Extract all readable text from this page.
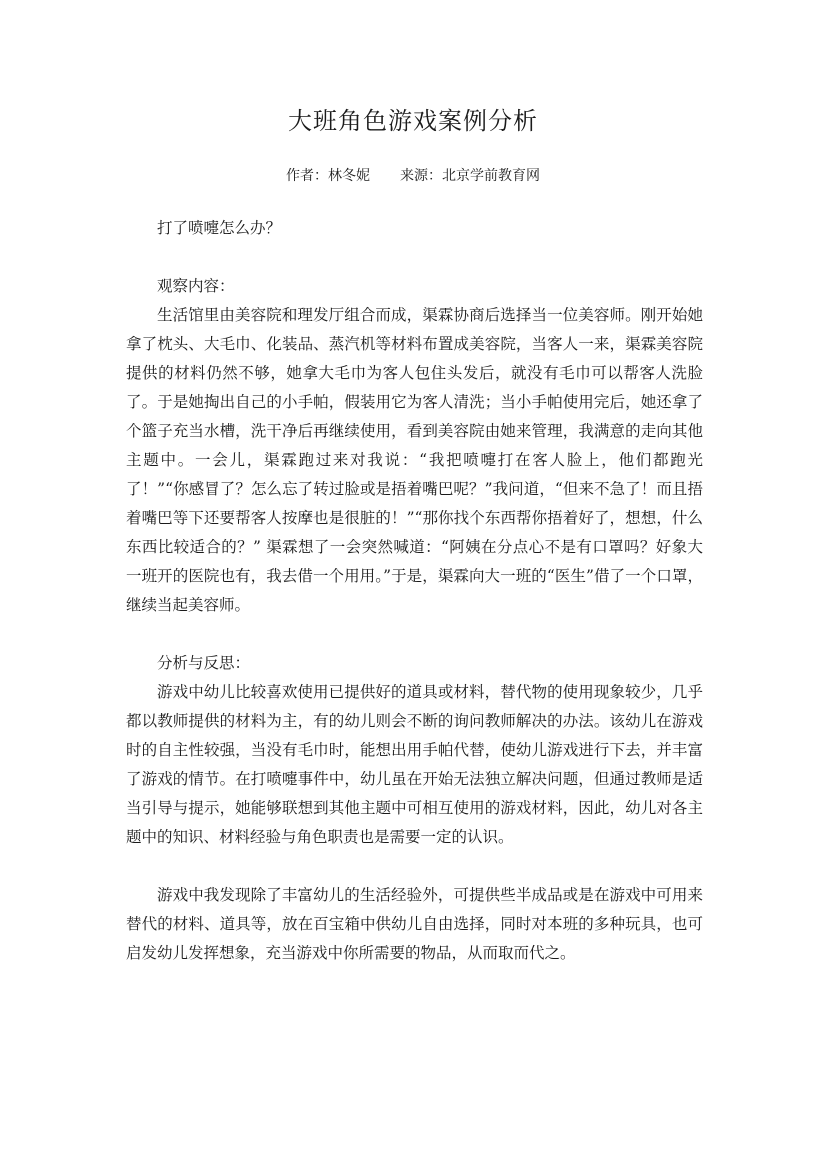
大班角色游戏案例分析
作者：林冬妮 来源：北京学前教育网

打了喷嚏怎么办？

观察内容：

生活馆里由美容院和理发厅组合而成，渠霖协商后选择当一位美容师。刚开始她拿了枕头、大毛巾、化装品、蒸汽机等材料布置成美容院，当客人一来，渠霖美容院提供的材料仍然不够，她拿大毛巾为客人包住头发后，就没有毛巾可以帮客人洗脸了。于是她掏出自己的小手帕，假装用它为客人清洗；当小手帕使用完后，她还拿了个篮子充当水槽，洗干净后再继续使用，看到美容院由她来管理，我满意的走向其他主题中。一会儿，渠霖跑过来对我说：“我把喷嚏打在客人脸上，他们都跑光了！”“你感冒了？怎么忘了转过脸或是捂着嘴巴呢？”我问道，“但来不急了！而且捂着嘴巴等下还要帮客人按摩也是很脏的！”“那你找个东西帮你捂着好了，想想，什么东西比较适合的？” 渠霖想了一会突然喊道：“阿姨在分点心不是有口罩吗？好象大一班开的医院也有，我去借一个用用。”于是，渠霖向大一班的“医生”借了一个口罩，继续当起美容师。

分析与反思：

游戏中幼儿比较喜欢使用已提供好的道具或材料，替代物的使用现象较少，几乎都以教师提供的材料为主，有的幼儿则会不断的询问教师解决的办法。该幼儿在游戏时的自主性较强，当没有毛巾时，能想出用手帕代替，使幼儿游戏进行下去，并丰富了游戏的情节。在打喷嚏事件中，幼儿虽在开始无法独立解决问题，但通过教师是适当引导与提示，她能够联想到其他主题中可相互使用的游戏材料，因此，幼儿对各主题中的知识、材料经验与角色职责也是需要一定的认识。

游戏中我发现除了丰富幼儿的生活经验外，可提供些半成品或是在游戏中可用来替代的材料、道具等，放在百宝箱中供幼儿自由选择，同时对本班的多种玩具，也可启发幼儿发挥想象，充当游戏中你所需要的物品，从而取而代之。
